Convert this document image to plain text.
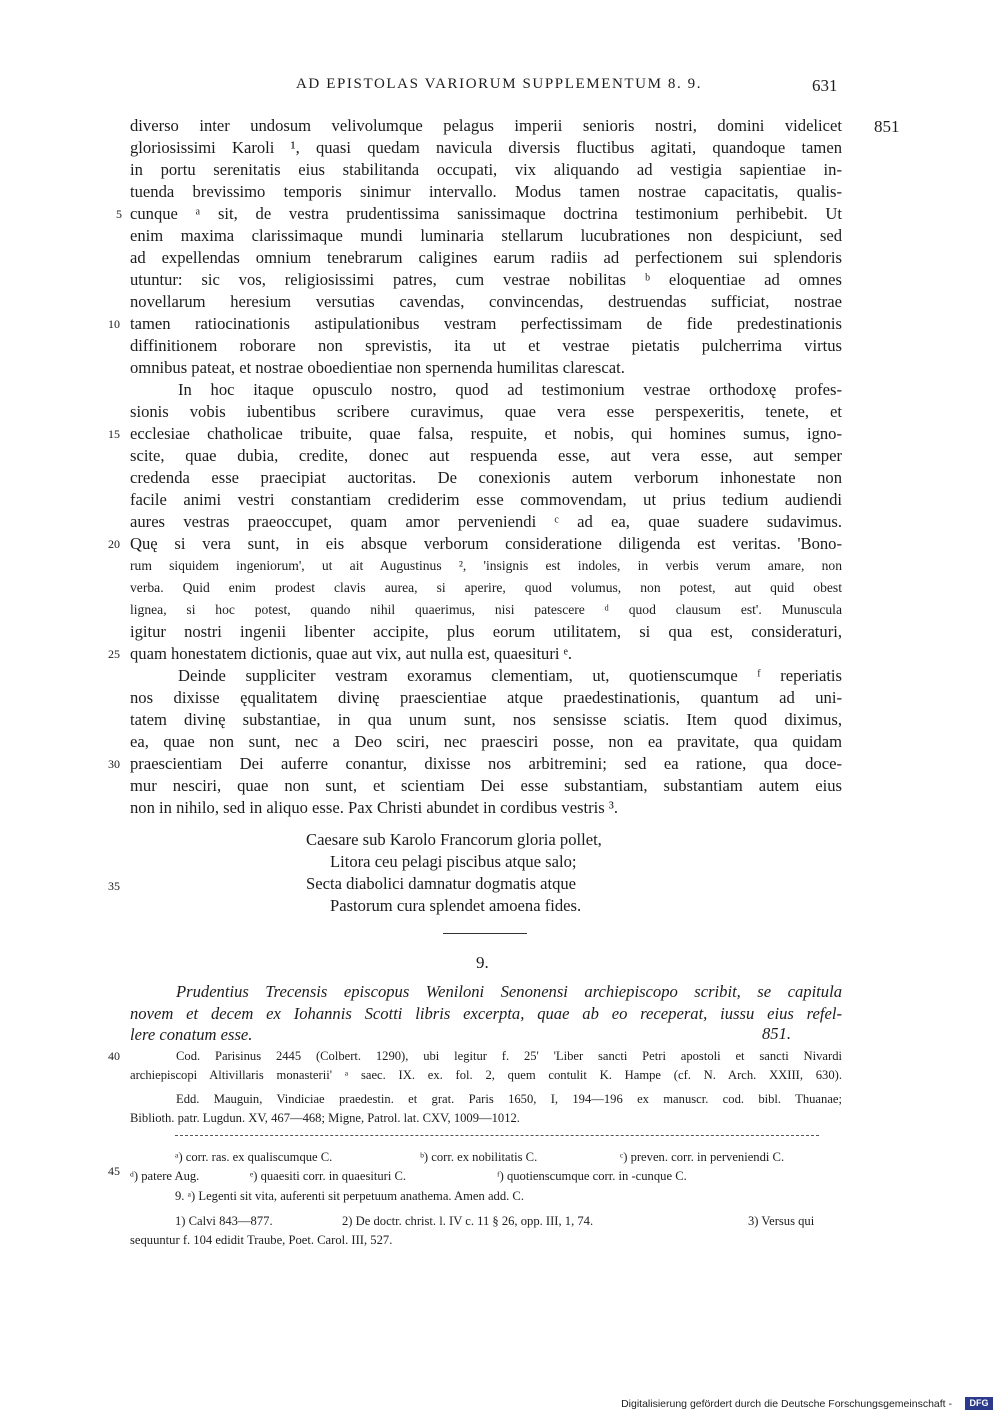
AD EPISTOLAS VARIORUM SUPPLEMENTUM 8. 9.	631
851
diverso inter undosum velivolumque pelagus imperii senioris nostri, domini videlicet
gloriosissimi Karoli ¹, quasi quedam navicula diversis fluctibus agitati, quandoque tamen
in portu serenitatis eius stabilitanda occupati, vix aliquando ad vestigia sapientiae in-
tuenda brevissimo temporis sinimur intervallo. Modus tamen nostrae capacitatis, qualis-
cunque ᵃ sit, de vestra prudentissima sanissimaque doctrina testimonium perhibebit. Ut
enim maxima clarissimaque mundi luminaria stellarum lucubrationes non despiciunt, sed
ad expellendas omnium tenebrarum caligines earum radiis ad perfectionem sui splendoris
utuntur: sic vos, religiosissimi patres, cum vestrae nobilitas ᵇ eloquentiae ad omnes
novellarum heresium versutias cavendas, convincendas, destruendas sufficiat, nostrae
tamen ratiocinationis astipulationibus vestram perfectissimam de fide predestinationis
diffinitionem roborare non sprevistis, ita ut et vestrae pietatis pulcherrima virtus
omnibus pateat, et nostrae oboedientiae non spernenda humilitas clarescat.
In hoc itaque opusculo nostro, quod ad testimonium vestrae orthodoxę profes-
sionis vobis iubentibus scribere curavimus, quae vera esse perspexeritis, tenete, et
ecclesiae chatholicae tribuite, quae falsa, respuite, et nobis, qui homines sumus, igno-
scite, quae dubia, credite, donec aut respuenda esse, aut vera esse, aut semper
credenda esse praecipiat auctoritas. De conexionis autem verborum inhonestate non
facile animi vestri constantiam crediderim esse commovendam, ut prius tedium audiendi
aures vestras praeoccupet, quam amor perveniendi ᶜ ad ea, quae suadere sudavimus.
Quę si vera sunt, in eis absque verborum consideratione diligenda est veritas. 'Bono-
rum siquidem ingeniorum', ut ait Augustinus ², 'insignis est indoles, in verbis verum amare, non
verba. Quid enim prodest clavis aurea, si aperire, quod volumus, non potest, aut quid obest
lignea, si hoc potest, quando nihil quaerimus, nisi patescere ᵈ quod clausum est'. Munuscula
igitur nostri ingenii libenter accipite, plus eorum utilitatem, si qua est, consideraturi,
quam honestatem dictionis, quae aut vix, aut nulla est, quaesituri ᵉ.
Deinde suppliciter vestram exoramus clementiam, ut, quotienscumque ᶠ reperiatis
nos dixisse ęqualitatem divinę praescientiae atque praedestinationis, quantum ad uni-
tatem divinę substantiae, in qua unum sunt, nos sensisse sciatis. Item quod diximus,
ea, quae non sunt, nec a Deo sciri, nec praesciri posse, non ea pravitate, qua quidam
praescientiam Dei auferre conantur, dixisse nos arbitremini; sed ea ratione, qua doce-
mur nesciri, quae non sunt, et scientiam Dei esse substantiam, substantiam autem eius
non in nihilo, sed in aliquo esse. Pax Christi abundet in cordibus vestris ³.
5
10
15
20
25
30
35
40
45
Caesare sub Karolo Francorum gloria pollet,
Litora ceu pelagi piscibus atque salo;
Secta diabolici damnatur dogmatis atque
Pastorum cura splendet amoena fides.
9.
Prudentius Trecensis episcopus Weniloni Senonensi archiepiscopo scribit, se capitula
novem et decem ex Iohannis Scotti libris excerpta, quae ab eo receperat, iussu eius refel-
lere conatum esse.	851.
Cod. Parisinus 2445 (Colbert. 1290), ubi legitur f. 25' 'Liber sancti Petri apostoli et sancti Nivardi
archiepiscopi Altivillaris monasterii' ᵃ saec. IX. ex. fol. 2, quem contulit K. Hampe (cf. N. Arch. XXIII, 630).
Edd. Mauguin, Vindiciae praedestin. et grat. Paris 1650, I, 194—196 ex manuscr. cod. bibl. Thuanae;
Biblioth. patr. Lugdun. XV, 467—468; Migne, Patrol. lat. CXV, 1009—1012.
ᵃ) corr. ras. ex qualiscumque C.	ᵇ) corr. ex nobilitatis C.	ᶜ) preven. corr. in perveniendi C.
ᵈ) patere Aug.	ᵉ) quaesiti corr. in quaesituri C.	ᶠ) quotienscumque corr. in -cunque C.
9. ᵃ) Legenti sit vita, auferenti sit perpetuum anathema. Amen add. C.
1) Calvi 843—877.	2) De doctr. christ. l. IV c. 11 § 26, opp. III, 1, 74.	3) Versus qui
sequuntur f. 104 edidit Traube, Poet. Carol. III, 527.
Digitalisierung gefördert durch die Deutsche Forschungsgemeinschaft -	DFG
